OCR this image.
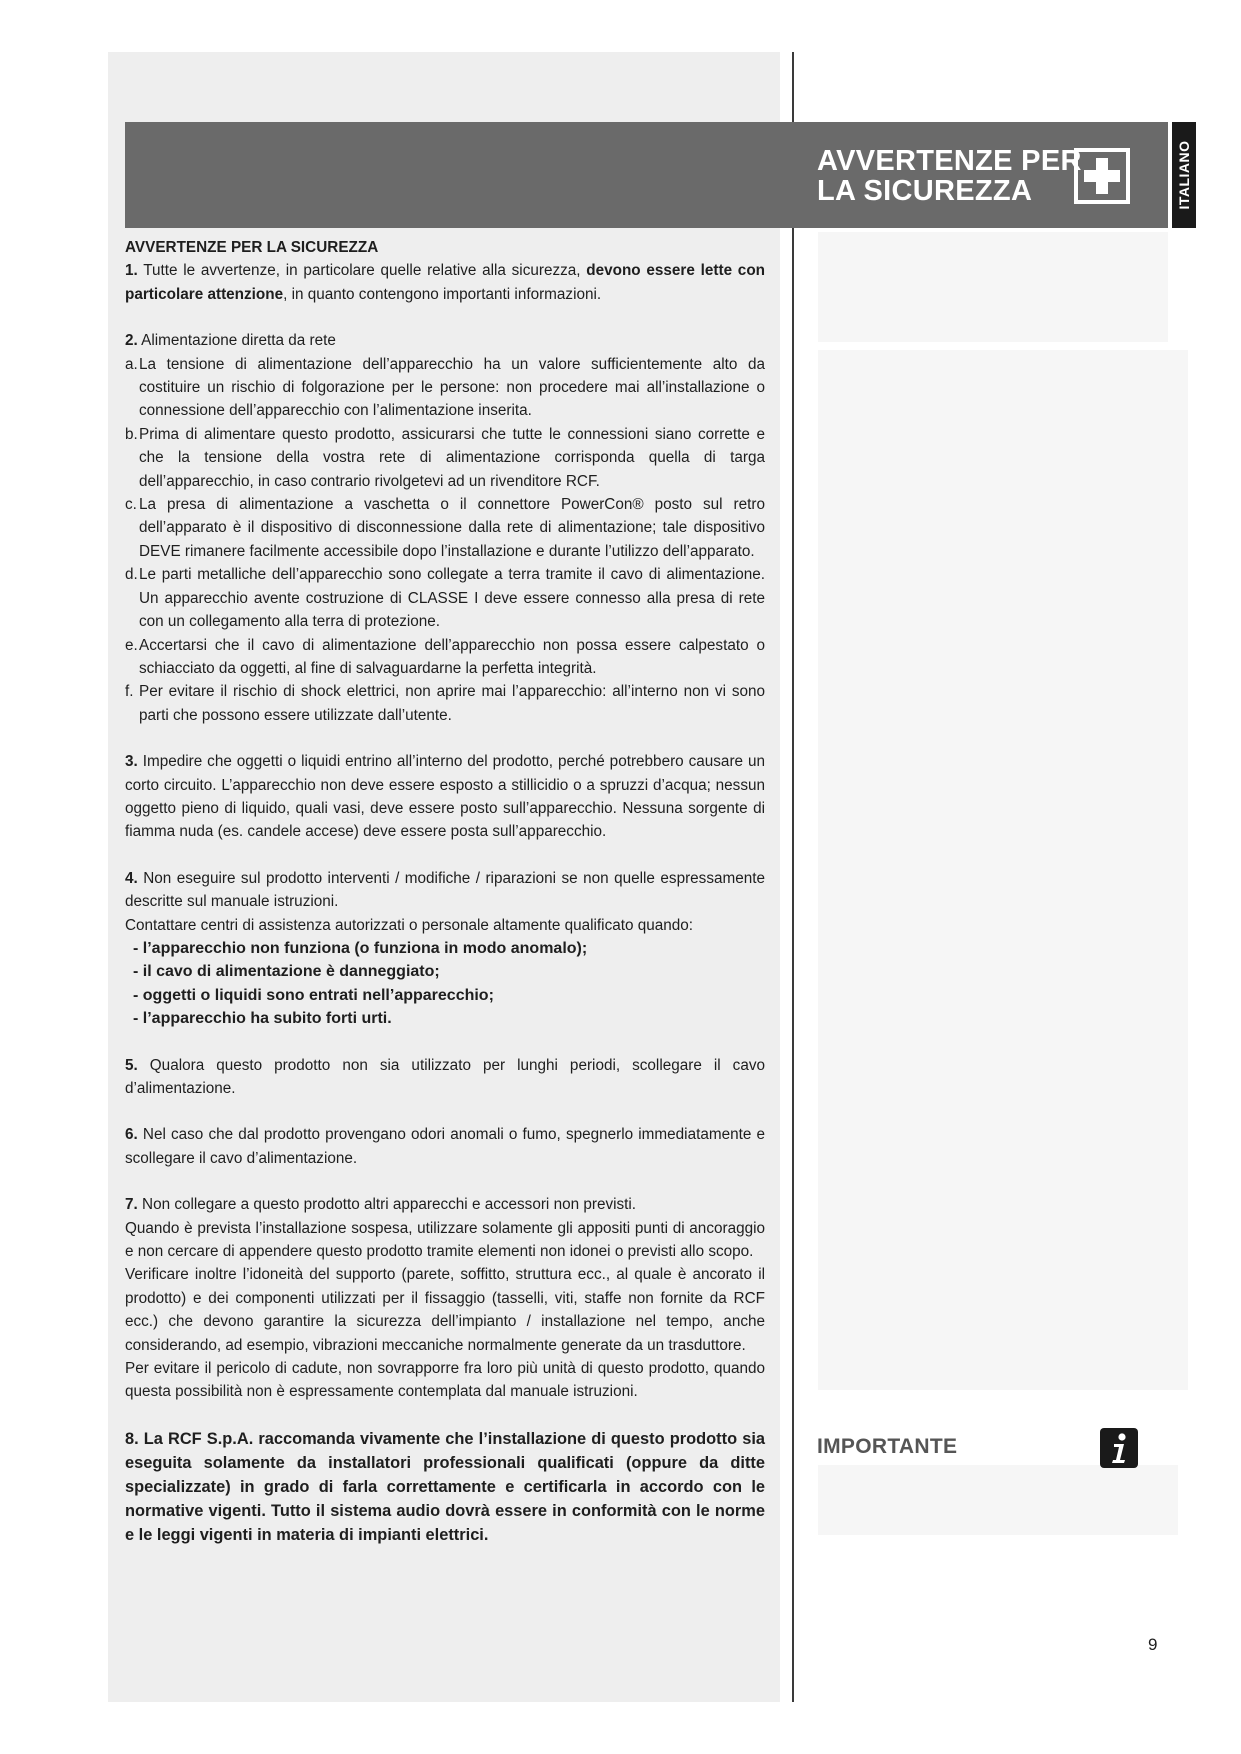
AVVERTENZE PER
LA SICUREZZA	ITALIANO

AVVERTENZE PER LA SICUREZZA

1. Tutte le avvertenze, in particolare quelle relative alla sicurezza, devono essere lette con particolare attenzione, in quanto contengono importanti informazioni.

2. Alimentazione diretta da rete

a. La tensione di alimentazione dell’apparecchio ha un valore sufficientemente alto da costituire un rischio di folgorazione per le persone: non procedere mai all’installazione o connessione dell’apparecchio con l’alimentazione inserita.
b. Prima di alimentare questo prodotto, assicurarsi che tutte le connessioni siano corrette e che la tensione della vostra rete di alimentazione corrisponda quella di targa dell’apparecchio, in caso contrario rivolgetevi ad un rivenditore RCF.
c. La presa di alimentazione a vaschetta o il connettore PowerCon® posto sul retro dell’apparato è il dispositivo di disconnessione dalla rete di alimentazione; tale dispositivo DEVE rimanere facilmente accessibile dopo l’installazione e durante l’utilizzo dell’apparato.
d. Le parti metalliche dell’apparecchio sono collegate a terra tramite il cavo di alimentazione. Un apparecchio avente costruzione di CLASSE I deve essere connesso alla presa di rete con un collegamento alla terra di protezione.
e. Accertarsi che il cavo di alimentazione dell’apparecchio non possa essere calpestato o schiacciato da oggetti, al fine di salvaguardarne la perfetta integrità.
f. Per evitare il rischio di shock elettrici, non aprire mai l’apparecchio: all’interno non vi sono parti che possono essere utilizzate dall’utente.

3. Impedire che oggetti o liquidi entrino all’interno del prodotto, perché potrebbero causare un corto circuito. L’apparecchio non deve essere esposto a stillicidio o a spruzzi d’acqua; nessun oggetto pieno di liquido, quali vasi, deve essere posto sull’apparecchio. Nessuna sorgente di fiamma nuda (es. candele accese) deve essere posta sull’apparecchio.

4. Non eseguire sul prodotto interventi / modifiche / riparazioni se non quelle espressamente descritte sul manuale istruzioni.

Contattare centri di assistenza autorizzati o personale altamente qualificato quando:

- l’apparecchio non funziona (o funziona in modo anomalo);
- il cavo di alimentazione è danneggiato;
- oggetti o liquidi sono entrati nell’apparecchio;
- l’apparecchio ha subito forti urti.

5. Qualora questo prodotto non sia utilizzato per lunghi periodi, scollegare il cavo d’alimentazione.

6. Nel caso che dal prodotto provengano odori anomali o fumo, spegnerlo immediatamente e scollegare il cavo d’alimentazione.

7. Non collegare a questo prodotto altri apparecchi e accessori non previsti.

Quando è prevista l’installazione sospesa, utilizzare solamente gli appositi punti di ancoraggio e non cercare di appendere questo prodotto tramite elementi non idonei o previsti allo scopo.

Verificare inoltre l’idoneità del supporto (parete, soffitto, struttura ecc., al quale è ancorato il prodotto) e dei componenti utilizzati per il fissaggio (tasselli, viti, staffe non fornite da RCF ecc.) che devono garantire la sicurezza dell’impianto / installazione nel tempo, anche considerando, ad esempio, vibrazioni meccaniche normalmente generate da un trasduttore.

Per evitare il pericolo di cadute, non sovrapporre fra loro più unità di questo prodotto, quando questa possibilità non è espressamente contemplata dal manuale istruzioni.

8. La RCF S.p.A. raccomanda vivamente che l’installazione di questo prodotto sia eseguita solamente da installatori professionali qualificati (oppure da ditte specializzate) in grado di farla correttamente e certificarla in accordo con le normative vigenti. Tutto il sistema audio dovrà essere in conformità con le norme e le leggi vigenti in materia di impianti elettrici.

IMPORTANTE
9
